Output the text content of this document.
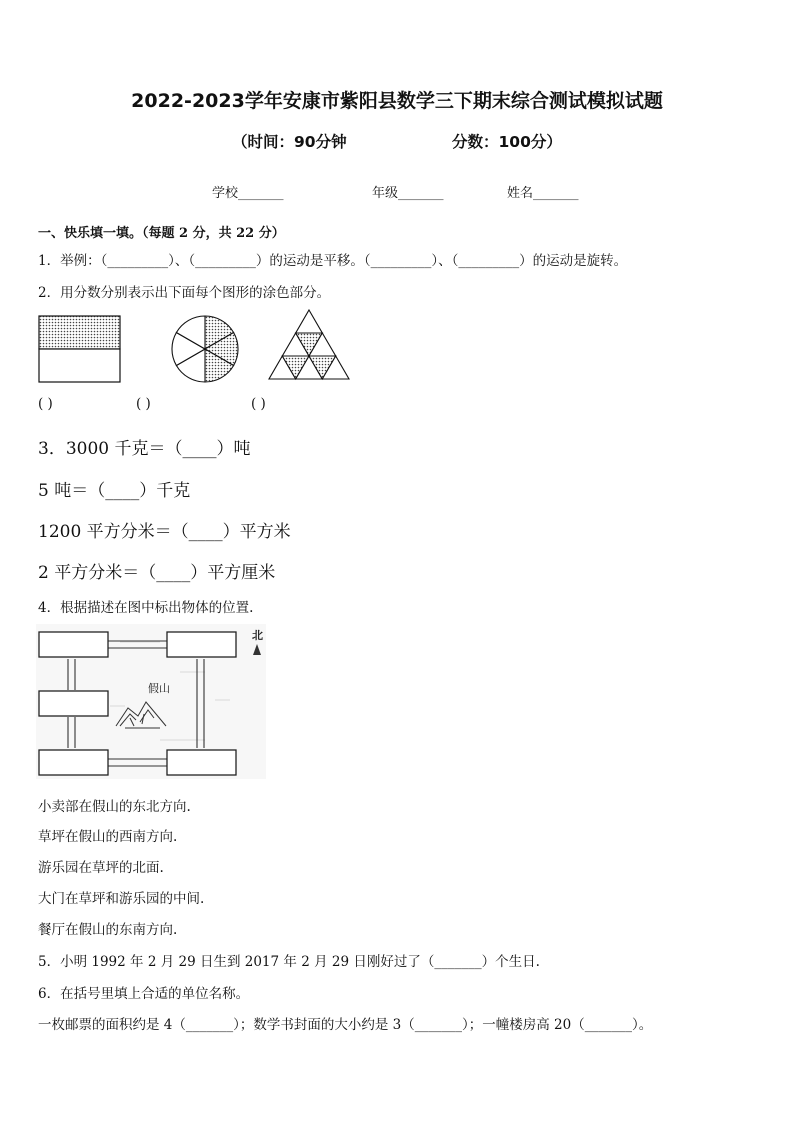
2022-2023学年安康市紫阳县数学三下期末综合测试模拟试题
（时间：90分钟	分数：100分）
学校_______	年级_______	姓名_______
一、快乐填一填。（每题 2 分，共 22 分）
1．举例：（_________）、（_________）的运动是平移。（_________）、（_________）的运动是旋转。
2．用分数分别表示出下面每个图形的涂色部分。
( )	( )	( )
3．3000 千克＝（____）吨
5 吨＝（____）千克
1200 平方分米＝（____）平方米
2 平方分米＝（____）平方厘米
4．根据描述在图中标出物体的位置.
假山
北
小卖部在假山的东北方向.
草坪在假山的西南方向.
游乐园在草坪的北面.
大门在草坪和游乐园的中间.
餐厅在假山的东南方向.
5．小明 1992 年 2 月 29 日生到 2017 年 2 月 29 日刚好过了（_______）个生日.
6．在括号里填上合适的单位名称。
一枚邮票的面积约是 4（_______）；数学书封面的大小约是 3（_______）；一幢楼房高 20（_______）。
